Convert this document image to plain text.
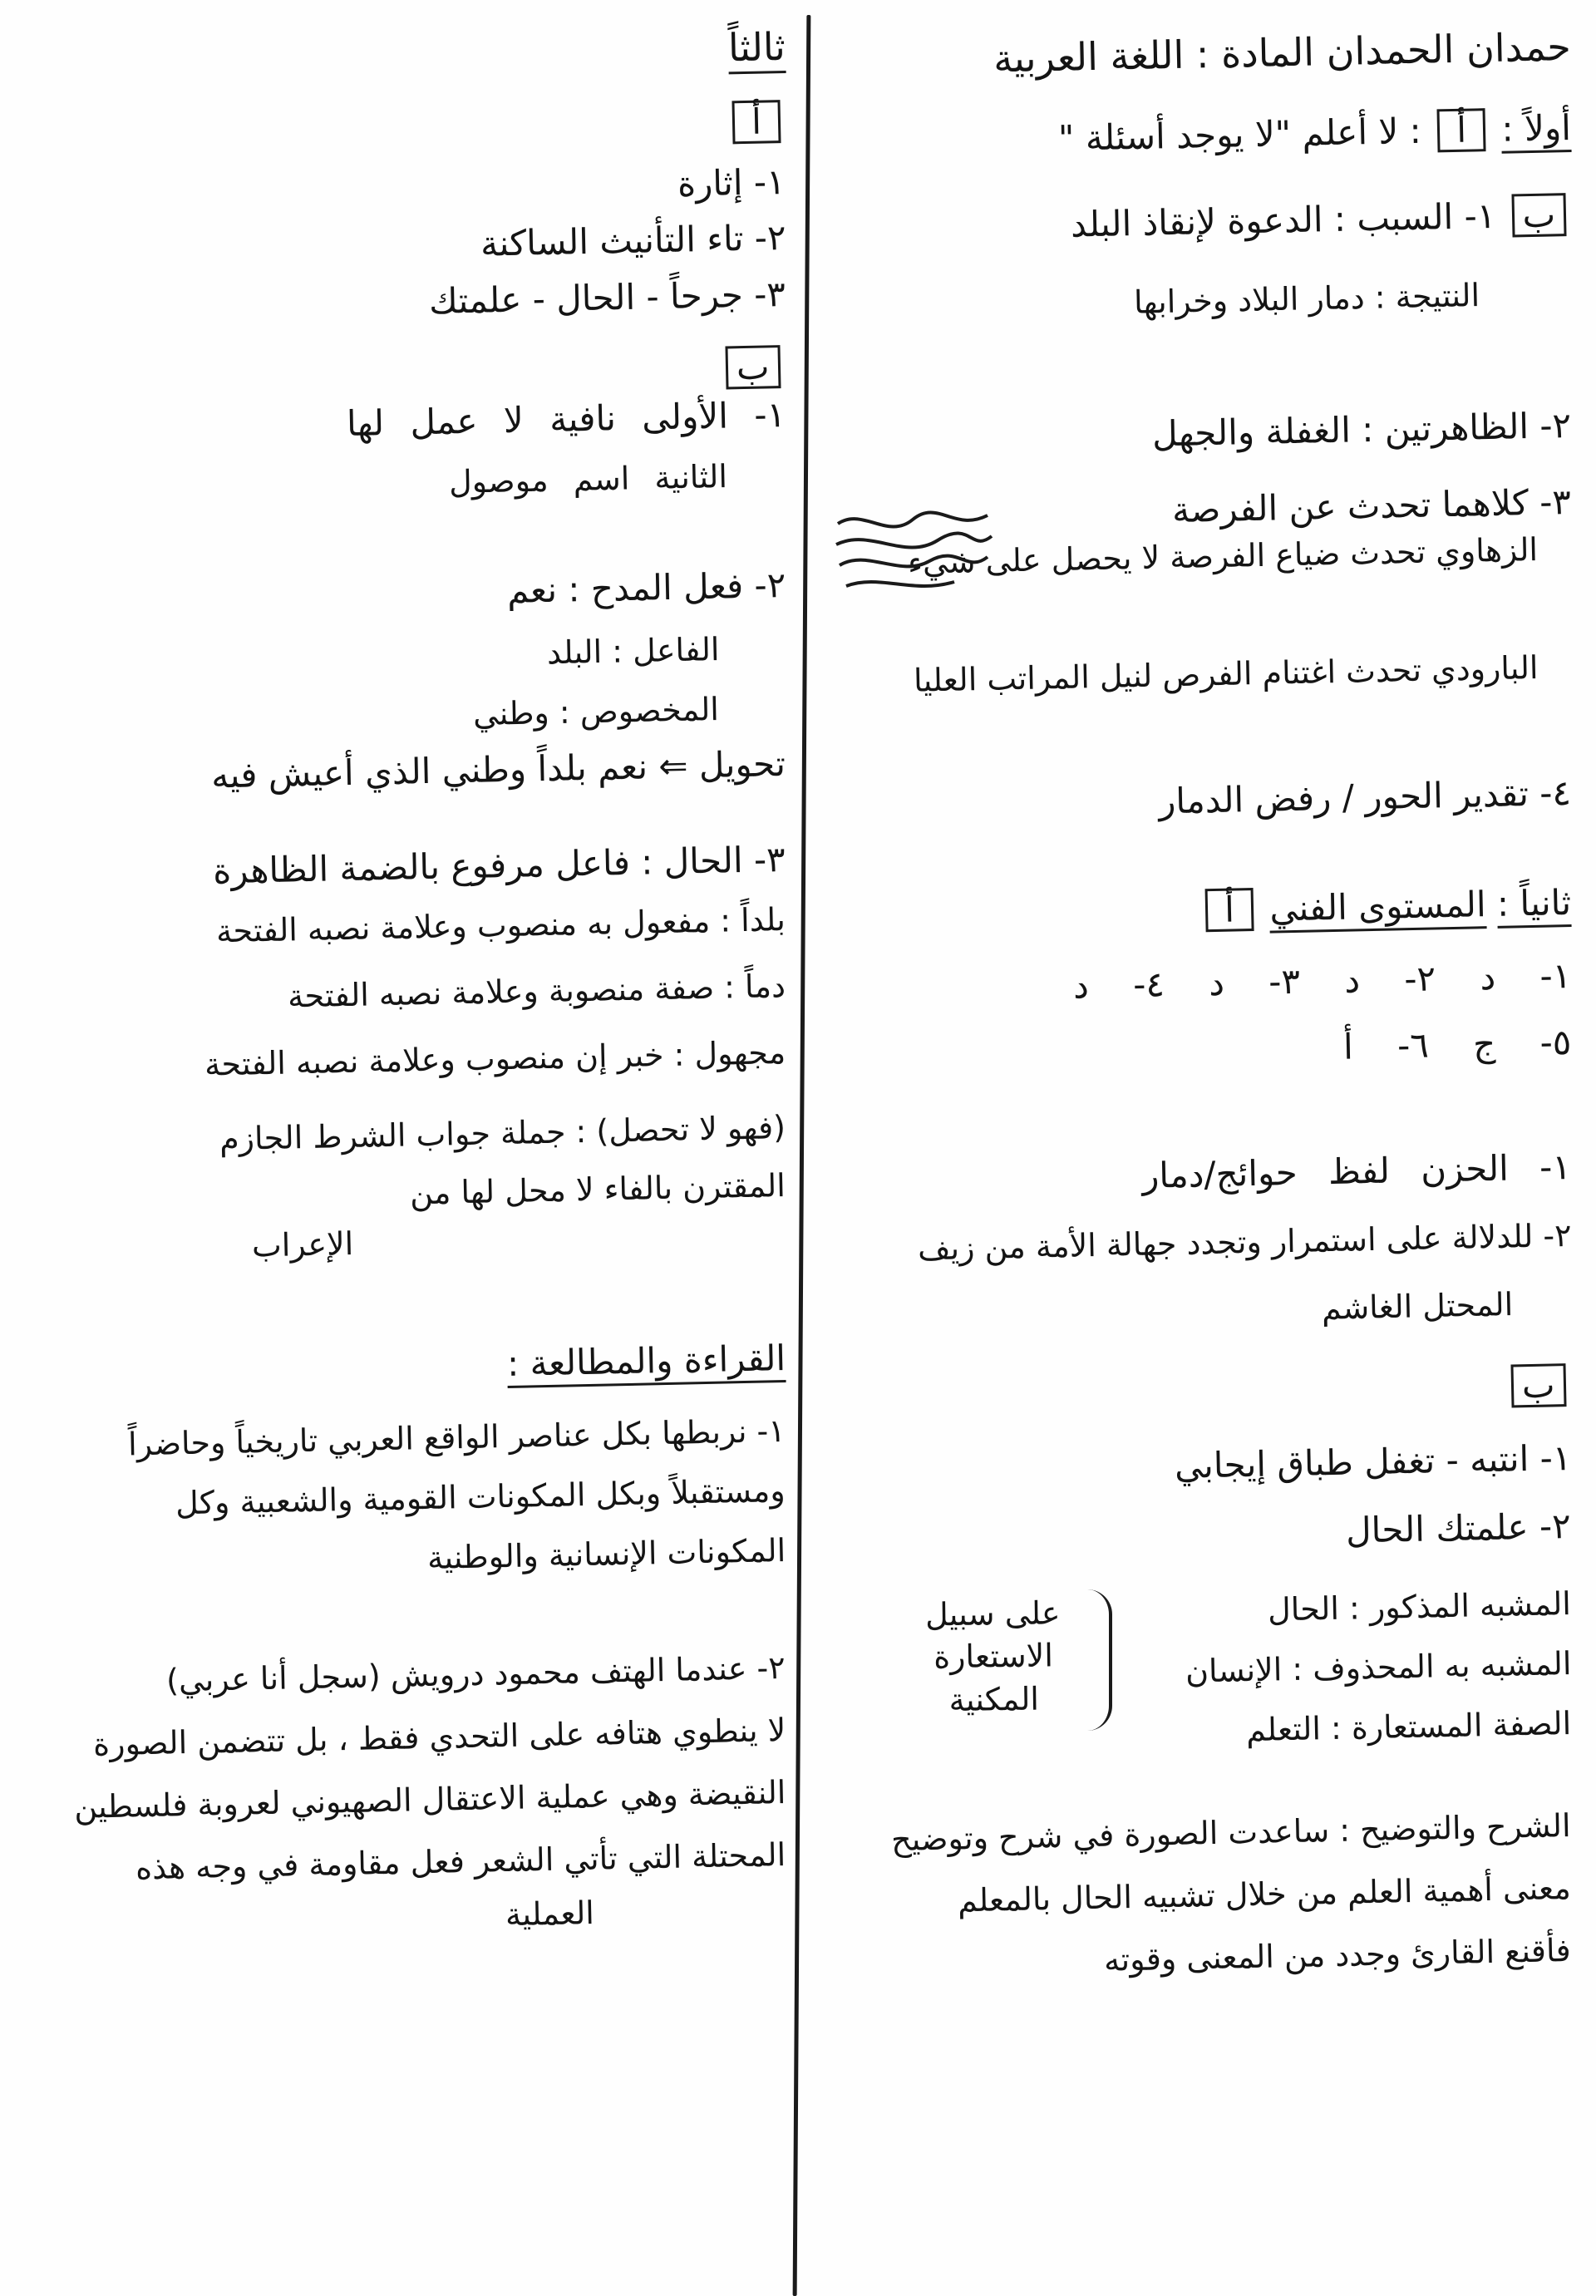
حمدان الحمدان المادة : اللغة العربية
أولاً : أ : لا أعلم "لا يوجد أسئلة "
ب ١- السبب : الدعوة لإنقاذ البلد
النتيجة : دمار البلاد وخرابها
٢- الظاهرتين : الغفلة والجهل
٣- كلاهما تحدث عن الفرصة
الزهاوي تحدث ضياع الفرصة لا يحصل على شيء
البارودي تحدث اغتنام الفرص لنيل المراتب العليا
٤- تقدير الحور / رفض الدمار
ثانياً : المستوى الفني أ
١- د ٢- د ٣- د ٤- د
٥- ج ٦- أ
١- الحزن لفظ حوائج/دمار
٢- للدلالة على استمرار وتجدد جهالة الأمة من زيف
المحتل الغاشم
ب
١- انتبه - تغفل طباق إيجابي
٢- علمتك الحال
المشبه المذكور : الحال
المشبه به المحذوف : الإنسان
الصفة المستعارة : التعلم
على سبيل الاستعارة المكنية
الشرح والتوضيح : ساعدت الصورة في شرح وتوضيح
معنى أهمية العلم من خلال تشبيه الحال بالمعلم
فأقنع القارئ وجدد من المعنى وقوته
ثالثاً
أ
١- إثارة
٢- تاء التأنيث الساكنة
٣- جرحاً - الحال - علمتك
ب
١- الأولى نافية لا عمل لها
الثانية اسم موصول
٢- فعل المدح : نعم
الفاعل : البلد
المخصوص : وطني
تحويل ⇐ نعم بلداً وطني الذي أعيش فيه
٣- الحال : فاعل مرفوع بالضمة الظاهرة
بلداً : مفعول به منصوب وعلامة نصبه الفتحة
دماً : صفة منصوبة وعلامة نصبه الفتحة
مجهول : خبر إن منصوب وعلامة نصبه الفتحة
(فهو لا تحصل) : جملة جواب الشرط الجازم
المقترن بالفاء لا محل لها من
الإعراب
القراءة والمطالعة :
١- نربطها بكل عناصر الواقع العربي تاريخياً وحاضراً
ومستقبلاً وبكل المكونات القومية والشعبية وكل
المكونات الإنسانية والوطنية
٢- عندما الهتف محمود درويش (سجل أنا عربي)
لا ينطوي هتافه على التحدي فقط ، بل تتضمن الصورة
النقيضة وهي عملية الاعتقال الصهيوني لعروبة فلسطين
المحتلة التي تأتي الشعر فعل مقاومة في وجه هذه
العملية
